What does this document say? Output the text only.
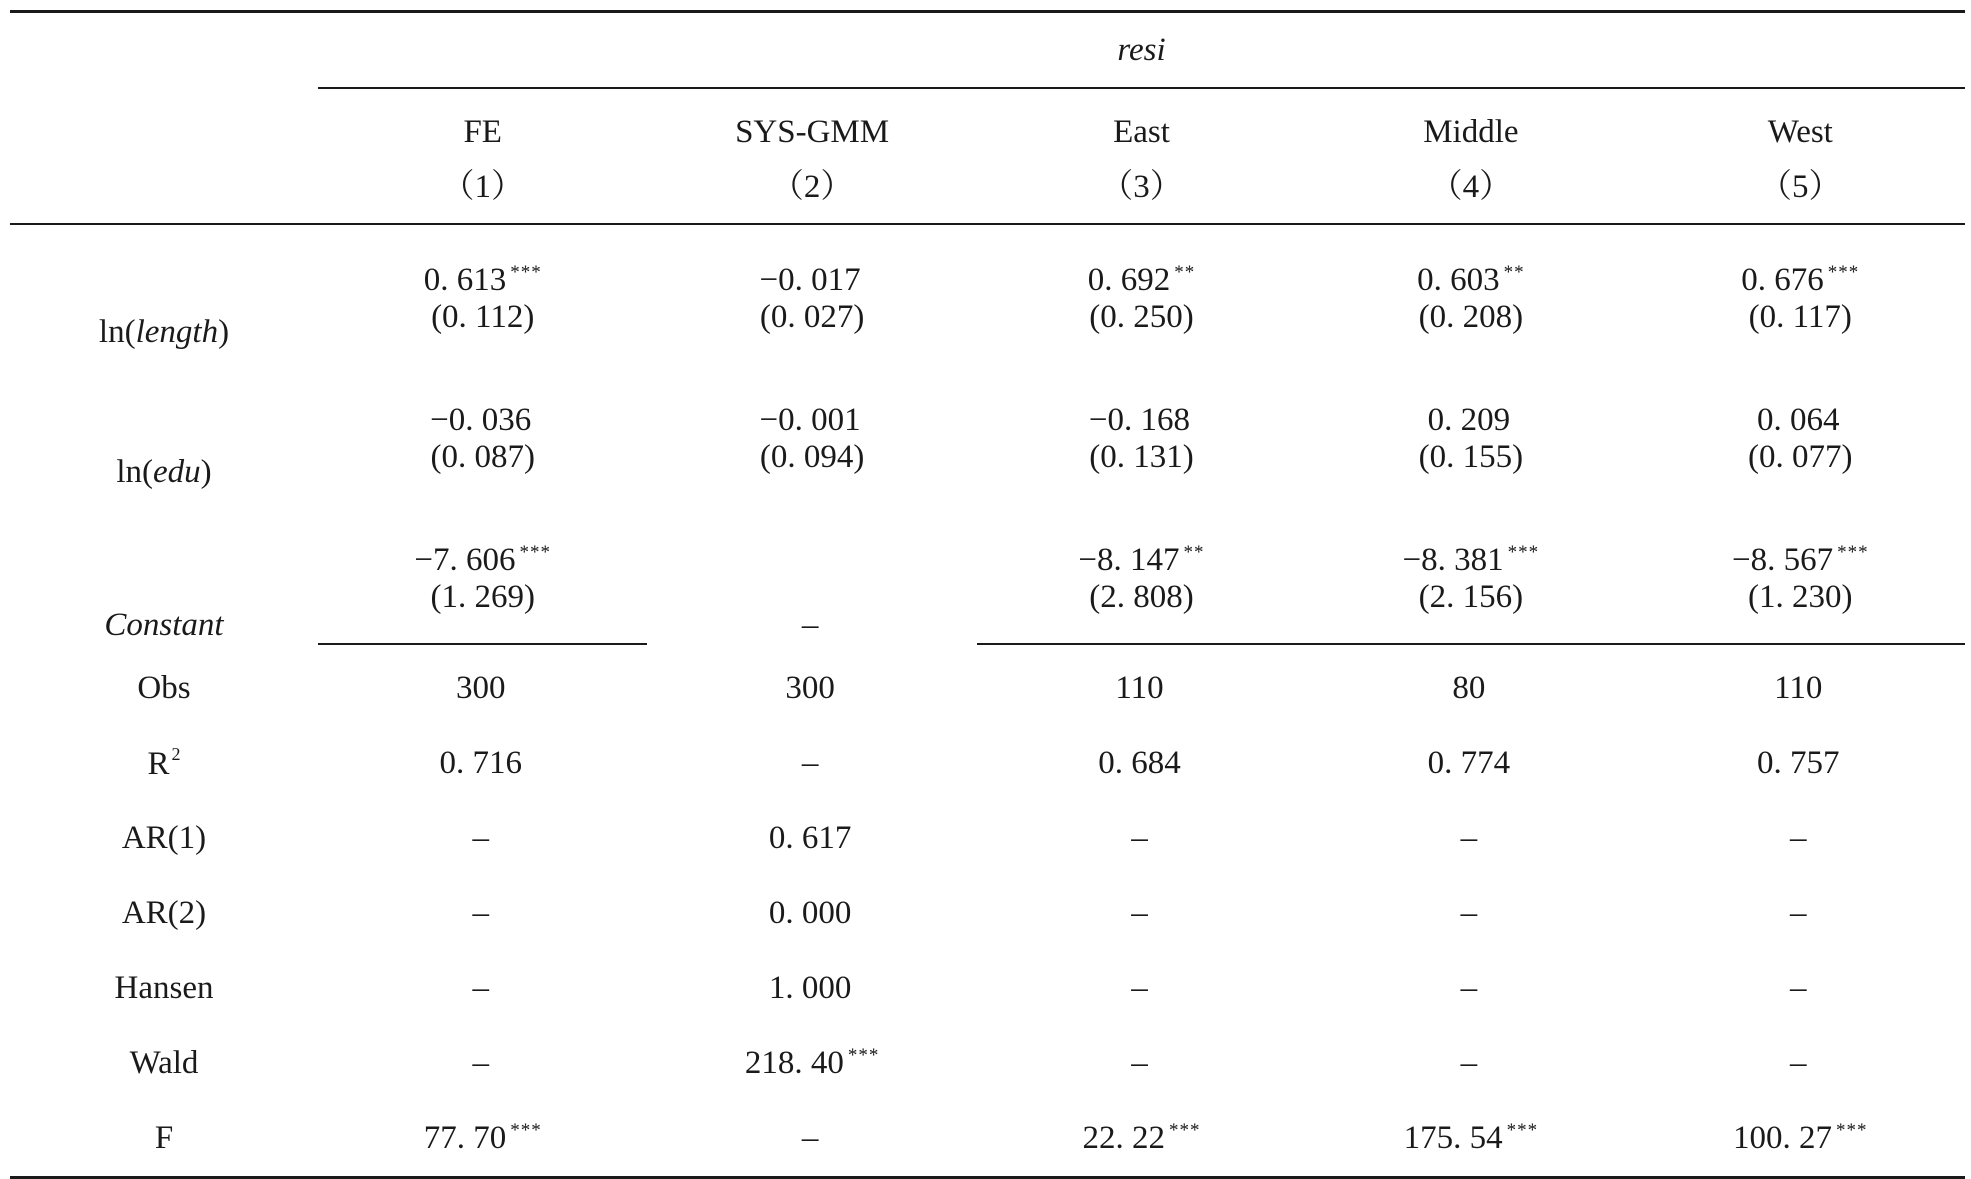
	resi				
	FE	SYS-GMM	East	Middle	West
	（1）	（2）	（3）	（4）	（5）
ln(length)	0. 613 ***	−0. 017	0. 692 **	0. 603 **	0. 676 ***
	(0. 112)	(0. 027)	(0. 250)	(0. 208)	(0. 117)

ln(edu)	−0. 036	−0. 001	−0. 168	0. 209	0. 064
	(0. 087)	(0. 094)	(0. 131)	(0. 155)	(0. 077)

Constant	−7. 606 ***	–	−8. 147 **	−8. 381 ***	−8. 567 ***
	(1. 269)		(2. 808)	(2. 156)	(1. 230)
Obs	300	300	110	80	110
R $^2$	0. 716	–	0. 684	0. 774	0. 757
AR(1)	–	0. 617	–	–	–
AR(2)	–	0. 000	–	–	–
Hansen	–	1. 000	–	–	–
Wald	–	218. 40 ***	–	–	–
F	77. 70 ***	–	22. 22 ***	175. 54 ***	100. 27 ***
